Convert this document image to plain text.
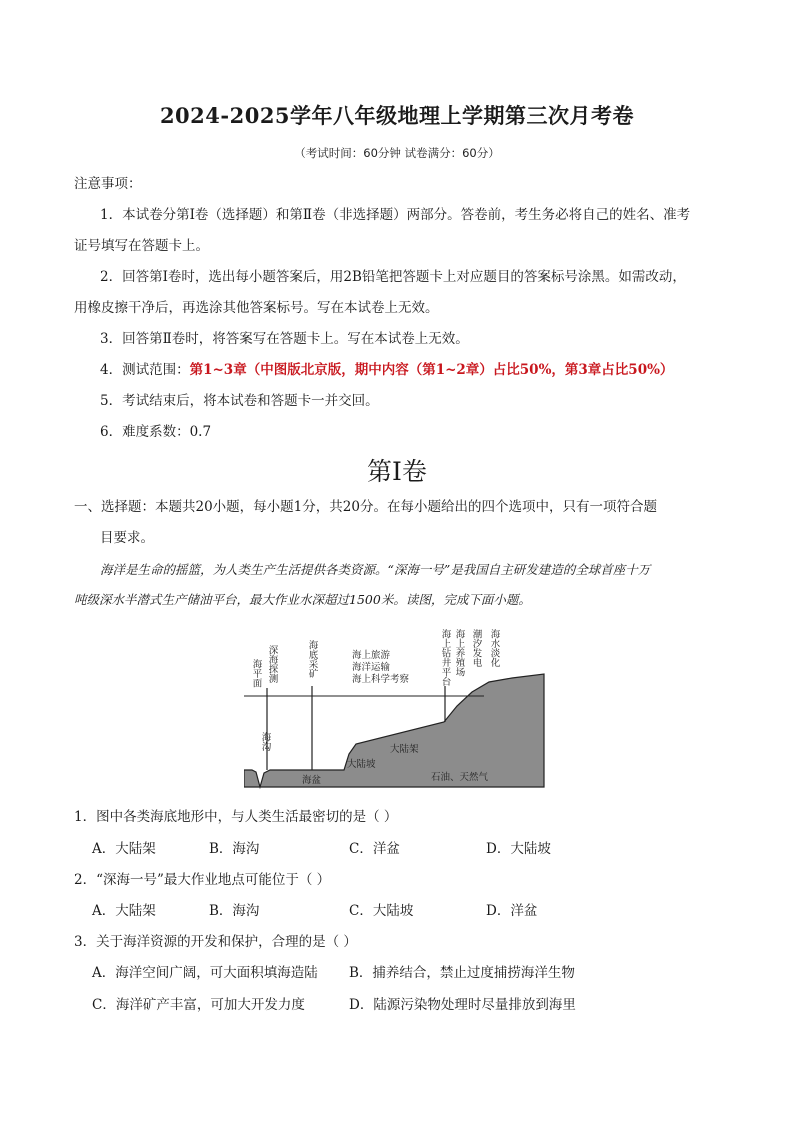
2024-2025学年八年级地理上学期第三次月考卷
（考试时间：60分钟 试卷满分：60分）
注意事项：
1．本试卷分第Ⅰ卷（选择题）和第Ⅱ卷（非选择题）两部分。答卷前，考生务必将自己的姓名、准考
证号填写在答题卡上。
2．回答第Ⅰ卷时，选出每小题答案后，用2B铅笔把答题卡上对应题目的答案标号涂黑。如需改动，
用橡皮擦干净后，再选涂其他答案标号。写在本试卷上无效。
3．回答第Ⅱ卷时，将答案写在答题卡上。写在本试卷上无效。
4．测试范围：第1~3章（中图版北京版，期中内容（第1~2章）占比50%，第3章占比50%）
5．考试结束后，将本试卷和答题卡一并交回。
6．难度系数：0.7
第Ⅰ卷
一、选择题：本题共20小题，每小题1分，共20分。在每小题给出的四个选项中，只有一项符合题
目要求。
海洋是生命的摇篮，为人类生产生活提供各类资源。“深海一号”是我国自主研发建造的全球首座十万
吨级深水半潜式生产储油平台，最大作业水深超过1500米。读图，完成下面小题。
海平面 深海探测	海底采矿	海上旅游
海洋运输
海上科学考察	海上钻井平台 海上养殖场 潮汐发电 海水淡化
海沟
海盆
大陆坡
大陆架
石油、天然气
1．图中各类海底地形中，与人类生活最密切的是（ ）
A．大陆架	B．海沟	C．洋盆	D．大陆坡
2．“深海一号”最大作业地点可能位于（ ）
A．大陆架	B．海沟	C．大陆坡	D．洋盆
3．关于海洋资源的开发和保护，合理的是（ ）
A．海洋空间广阔，可大面积填海造陆 B．捕养结合，禁止过度捕捞海洋生物
C．海洋矿产丰富，可加大开发力度	D．陆源污染物处理时尽量排放到海里
